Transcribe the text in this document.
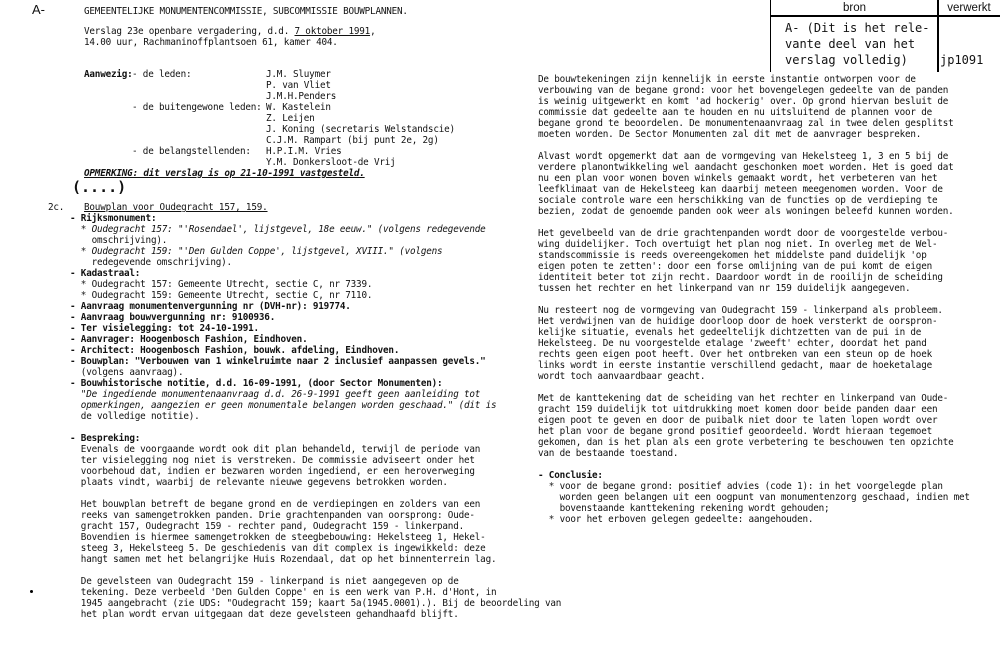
A-	GEMEENTELIJKE MONUMENTENCOMMISSIE, SUBCOMMISSIE BOUWPLANNEN.
Verslag 23e openbare vergadering, d.d. 7 oktober 1991,
14.00 uur, Rachmaninoffplantsoen 61, kamer 404.
bron	verwerkt
A- (Dit is het rele-
vante deel van het
verslag volledig)	jp1091
Aanwezig: - de leden:	J.M. Sluymer
P. van Vliet
J.M.H.Penders
- de buitengewone leden: W. Kastelein
Z. Leijen
J. Koning (secretaris Welstandscie)
C.J.M. Rampart (bij punt 2e, 2g)
- de belangstellenden: H.P.I.M. Vries
Y.M. Donkersloot-de Vrij
OPMERKING: dit verslag is op 21-10-1991 vastgesteld.
(....)
2c. Bouwplan voor Oudegracht 157, 159.
- Rijksmonument:
* Oudegracht 157: "'Rosendael', lijstgevel, 18e eeuw." (volgens redegevende
omschrijving).
* Oudegracht 159: "'Den Gulden Coppe', lijstgevel, XVIII." (volgens
redegevende omschrijving).
- Kadastraal:
* Oudegracht 157: Gemeente Utrecht, sectie C, nr 7339.
* Oudegracht 159: Gemeente Utrecht, sectie C, nr 7110.
- Aanvraag monumentenvergunning nr (DVH-nr): 919774.
- Aanvraag bouwvergunning nr: 9100936.
- Ter visielegging: tot 24-10-1991.
- Aanvrager: Hoogenbosch Fashion, Eindhoven.
- Architect: Hoogenbosch Fashion, bouwk. afdeling, Eindhoven.
- Bouwplan: "Verbouwen van 1 winkelruimte naar 2 inclusief aanpassen gevels."
(volgens aanvraag).
- Bouwhistorische notitie, d.d. 16-09-1991, (door Sector Monumenten):
"De ingediende monumentenaanvraag d.d. 26-9-1991 geeft geen aanleiding tot
opmerkingen, aangezien er geen monumentale belangen worden geschaad." (dit is
de volledige notitie).
- Bespreking:
Evenals de voorgaande wordt ook dit plan behandeld, terwijl de periode van
ter visielegging nog niet is verstreken. De commissie adviseert onder het
voorbehoud dat, indien er bezwaren worden ingediend, er een heroverweging
plaats vindt, waarbij de relevante nieuwe gegevens betrokken worden.
Het bouwplan betreft de begane grond en de verdiepingen en zolders van een
reeks van samengetrokken panden. Drie grachtenpanden van oorsprong: Oude-
gracht 157, Oudegracht 159 - rechter pand, Oudegracht 159 - linkerpand.
Bovendien is hiermee samengetrokken de steegbebouwing: Hekelsteeg 1, Hekel-
steeg 3, Hekelsteeg 5. De geschiedenis van dit complex is ingewikkeld: deze
hangt samen met het belangrijke Huis Rozendaal, dat op het binnenterrein lag.
De gevelsteen van Oudegracht 159 - linkerpand is niet aangegeven op de
tekening. Deze verbeeld 'Den Gulden Coppe' en is een werk van P.H. d'Hont, in
1945 aangebracht (zie UDS: "Oudegracht 159; kaart 5a(1945.0001).). Bij de beoordeling van
het plan wordt ervan uitgegaan dat deze gevelsteen gehandhaafd blijft.
De bouwtekeningen zijn kennelijk in eerste instantie ontworpen voor de
verbouwing van de begane grond: voor het bovengelegen gedeelte van de panden
is weinig uitgewerkt en komt 'ad hockerig' over. Op grond hiervan besluit de
commissie dat gedeelte aan te houden en nu uitsluitend de plannen voor de
begane grond te beoordelen. De monumentenaanvraag zal in twee delen gesplitst
moeten worden. De Sector Monumenten zal dit met de aanvrager bespreken.
Alvast wordt opgemerkt dat aan de vormgeving van Hekelsteeg 1, 3 en 5 bij de
verdere planontwikkeling wel aandacht geschonken moet worden. Het is goed dat
nu een plan voor wonen boven winkels gemaakt wordt, het verbeteren van het
leefklimaat van de Hekelsteeg kan daarbij meteen meegenomen worden. Voor de
sociale controle ware een herschikking van de functies op de verdieping te
bezien, zodat de genoemde panden ook weer als woningen beleefd kunnen worden.
Het gevelbeeld van de drie grachtenpanden wordt door de voorgestelde verbou-
wing duidelijker. Toch overtuigt het plan nog niet. In overleg met de Wel-
standscommissie is reeds overeengekomen het middelste pand duidelijk 'op
eigen poten te zetten': door een forse omlijning van de pui komt de eigen
identiteit beter tot zijn recht. Daardoor wordt in de rooilijn de scheiding
tussen het rechter en het linkerpand van nr 159 duidelijk aangegeven.
Nu resteert nog de vormgeving van Oudegracht 159 - linkerpand als probleem.
Het verdwijnen van de huidige doorloop door de hoek versterkt de oorspron-
kelijke situatie, evenals het gedeeltelijk dichtzetten van de pui in de
Hekelsteeg. De nu voorgestelde etalage 'zweeft' echter, doordat het pand
rechts geen eigen poot heeft. Over het ontbreken van een steun op de hoek
links wordt in eerste instantie verschillend gedacht, maar de hoeketalage
wordt toch aanvaardbaar geacht.
Met de kanttekening dat de scheiding van het rechter en linkerpand van Oude-
gracht 159 duidelijk tot uitdrukking moet komen door beide panden daar een
eigen poot te geven en door de puibalk niet door te laten lopen wordt over
het plan voor de begane grond positief geoordeeld. Wordt hieraan tegemoet
gekomen, dan is het plan als een grote verbetering te beschouwen ten opzichte
van de bestaande toestand.
- Conclusie:
* voor de begane grond: positief advies (code 1): in het voorgelegde plan
worden geen belangen uit een oogpunt van monumentenzorg geschaad, indien met
bovenstaande kanttekening rekening wordt gehouden;
* voor het erboven gelegen gedeelte: aangehouden.
